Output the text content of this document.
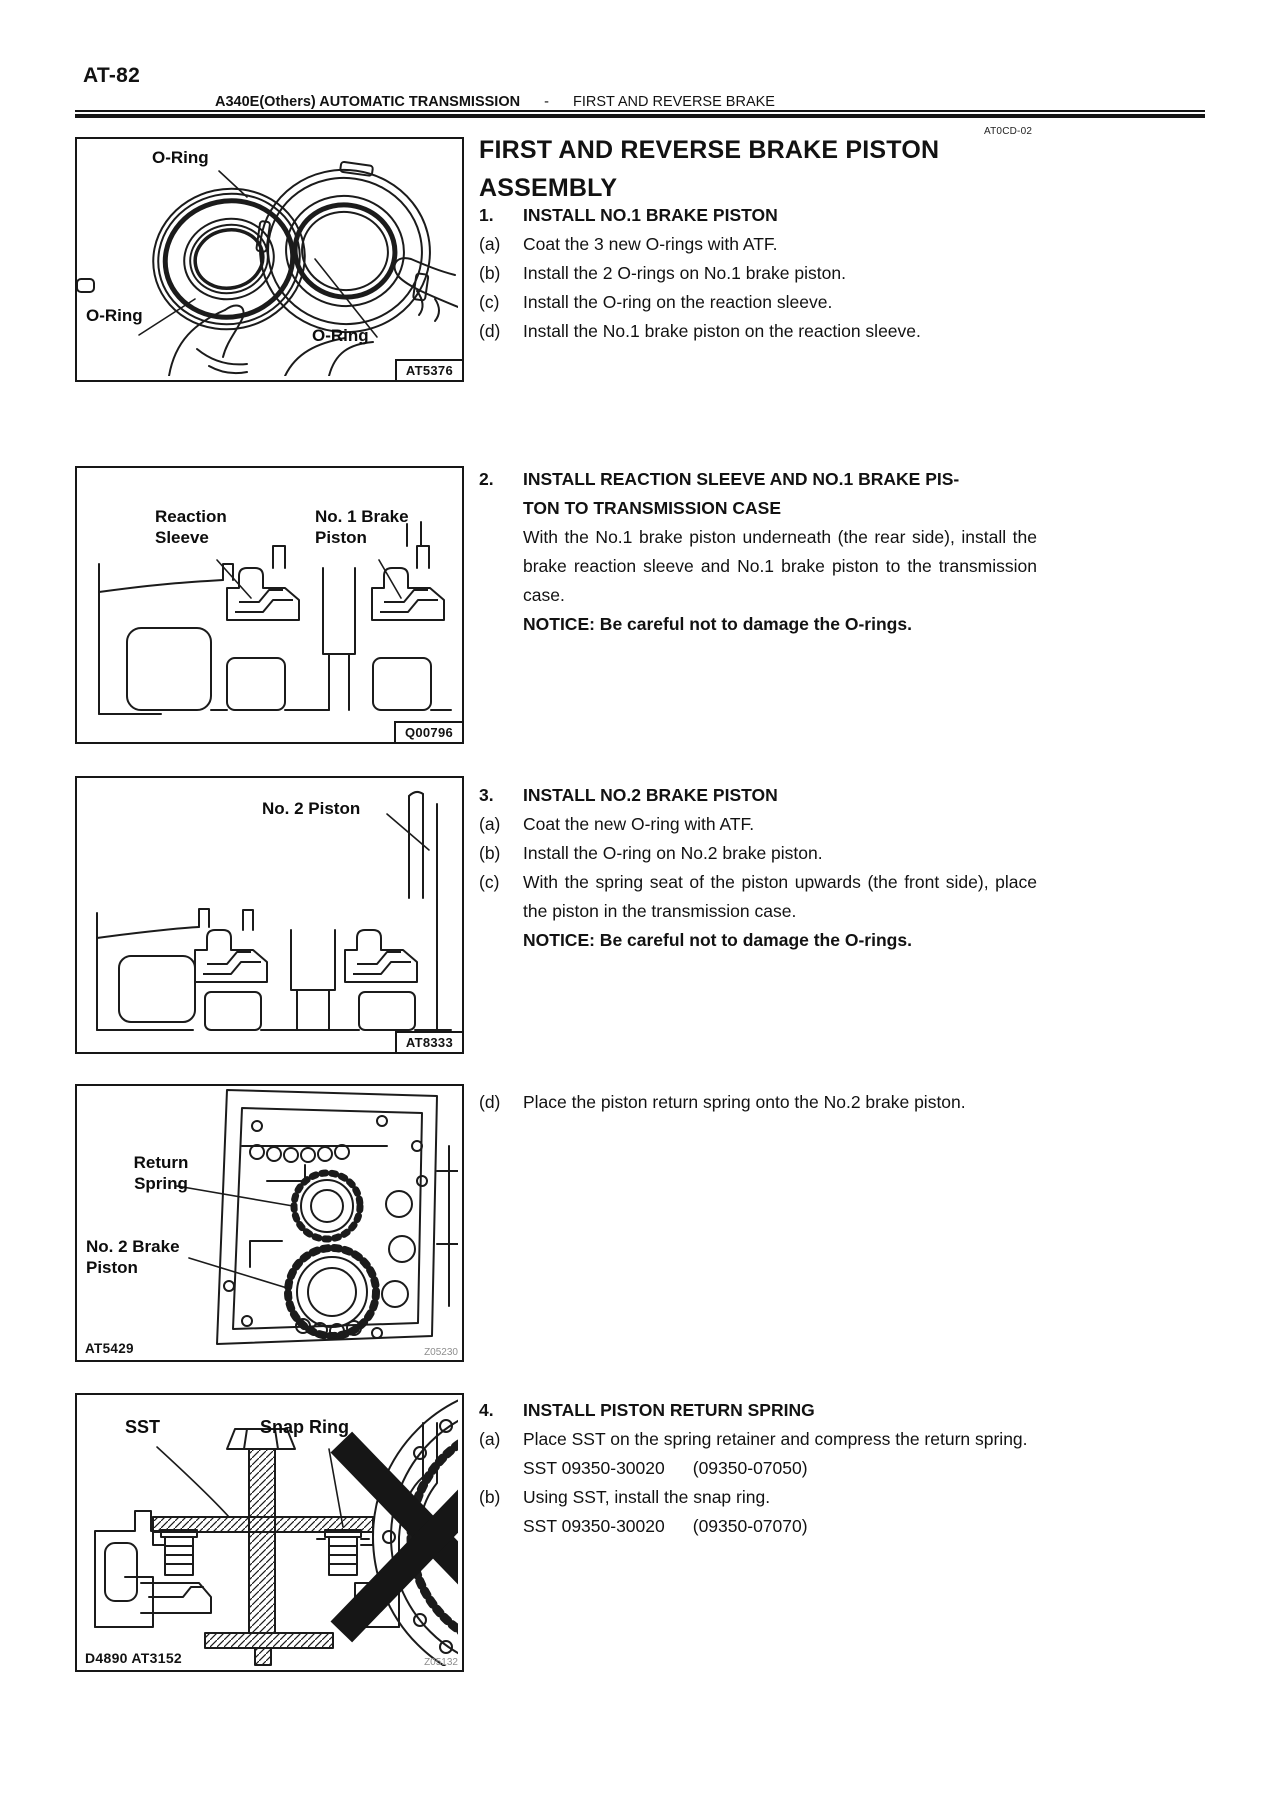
AT-82
A340E(Others) AUTOMATIC TRANSMISSION - FIRST AND REVERSE BRAKE
O-Ring
O-Ring
O-Ring
AT5376
Reaction Sleeve
No. 1 Brake Piston
Q00796
No. 2 Piston
AT8333
Return Spring
No. 2 Brake Piston
AT5429	Z05230
SST	Snap Ring
D4890 AT3152	Z05132
AT0CD-02
FIRST AND REVERSE BRAKE PISTON ASSEMBLY
1.	INSTALL NO.1 BRAKE PISTON
(a)	Coat the 3 new O-rings with ATF.
(b)	Install the 2 O-rings on No.1 brake piston.
(c)	Install the O-ring on the reaction sleeve.
(d)	Install the No.1 brake piston on the reaction sleeve.
2.	INSTALL REACTION SLEEVE AND NO.1 BRAKE PIS-
TON TO TRANSMISSION CASE
With the No.1 brake piston underneath (the rear side), install the brake reaction sleeve and No.1 brake piston to the transmission case.
NOTICE: Be careful not to damage the O-rings.
3.	INSTALL NO.2 BRAKE PISTON
(a)	Coat the new O-ring with ATF.
(b)	Install the O-ring on No.2 brake piston.
(c)	With the spring seat of the piston upwards (the front side), place the piston in the transmission case.
NOTICE: Be careful not to damage the O-rings.
(d)	Place the piston return spring onto the No.2 brake piston.
4.	INSTALL PISTON RETURN SPRING
(a)	Place SST on the spring retainer and compress the return spring.
SST 09350-30020 (09350-07050)
(b)	Using SST, install the snap ring.
SST 09350-30020 (09350-07070)
